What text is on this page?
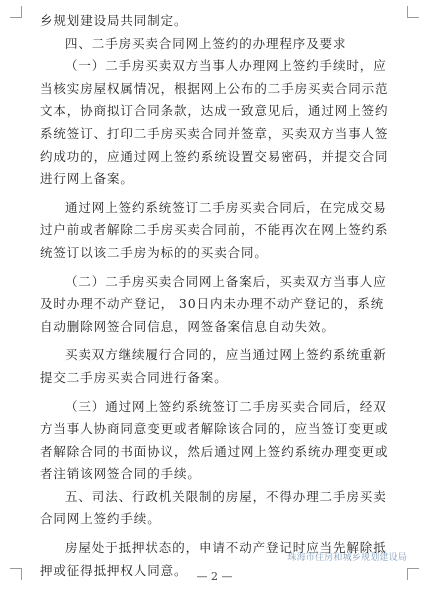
乡规划建设局共同制定。

四、二手房买卖合同网上签约的办理程序及要求

（一）二手房买卖双方当事人办理网上签约手续时，应当核实房屋权属情况，根据网上公布的二手房买卖合同示范文本，协商拟订合同条款，达成一致意见后，通过网上签约系统签订、打印二手房买卖合同并签章，买卖双方当事人签约成功的，应通过网上签约系统设置交易密码，并提交合同进行网上备案。

通过网上签约系统签订二手房买卖合同后，在完成交易过户前或者解除二手房买卖合同前，不能再次在网上签约系统签订以该二手房为标的的买卖合同。

（二）二手房买卖合同网上备案后，买卖双方当事人应及时办理不动产登记， 30日内未办理不动产登记的，系统自动删除网签合同信息，网签备案信息自动失效。

买卖双方继续履行合同的，应当通过网上签约系统重新提交二手房买卖合同进行备案。

（三）通过网上签约系统签订二手房买卖合同后，经双方当事人协商同意变更或者解除该合同的，应当签订变更或者解除合同的书面协议，然后通过网上签约系统办理变更或者注销该网签合同的手续。

五、司法、行政机关限制的房屋，不得办理二手房买卖合同网上签约手续。

房屋处于抵押状态的，申请不动产登记时应当先解除抵押或征得抵押权人同意。

珠海市住房和城乡规划建设局
— 2 —
